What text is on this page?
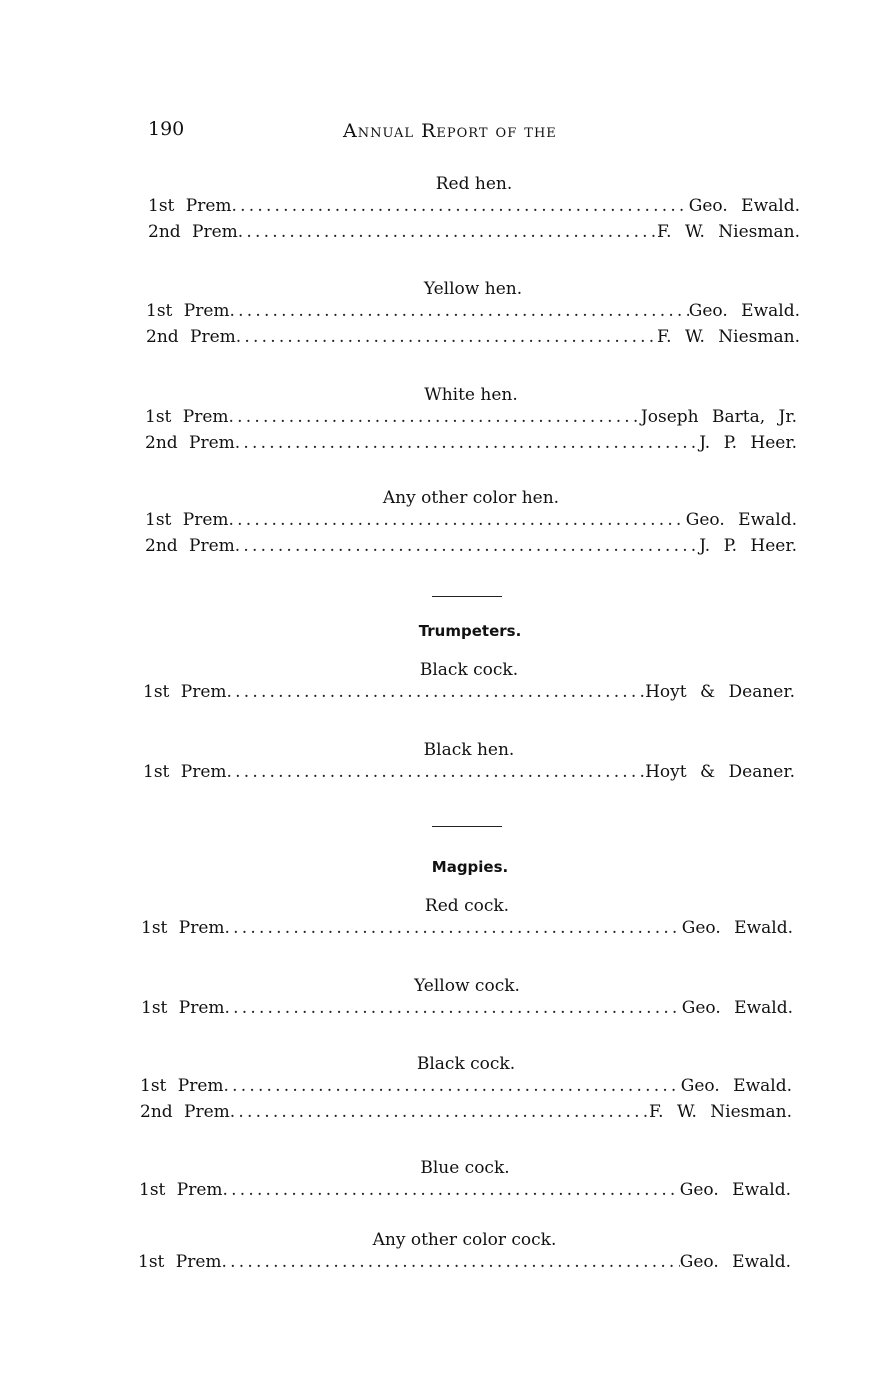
190	Annual Report of the
Red hen.
1st Prem .....	Geo. Ewald.
2nd Prem .....	F. W. Niesman.
Yellow hen.
1st Prem .....	Geo. Ewald.
2nd Prem .....	F. W. Niesman.
White hen.
1st Prem .....	Joseph Barta, Jr.
2nd Prem .....	J. P. Heer.
Any other color hen.
1st Prem .....	Geo. Ewald.
2nd Prem .....	J. P. Heer.
Trumpeters.
Black cock.
1st Prem .....	Hoyt & Deaner.
Black hen.
1st Prem .....	Hoyt & Deaner.
Magpies.
Red cock.
1st Prem .....	Geo. Ewald.
Yellow cock.
1st Prem .....	Geo. Ewald.
Black cock.
1st Prem .....	Geo. Ewald.
2nd Prem .....	F. W. Niesman.
Blue cock.
1st Prem .....	Geo. Ewald.
Any other color cock.
1st Prem .....	Geo. Ewald.
